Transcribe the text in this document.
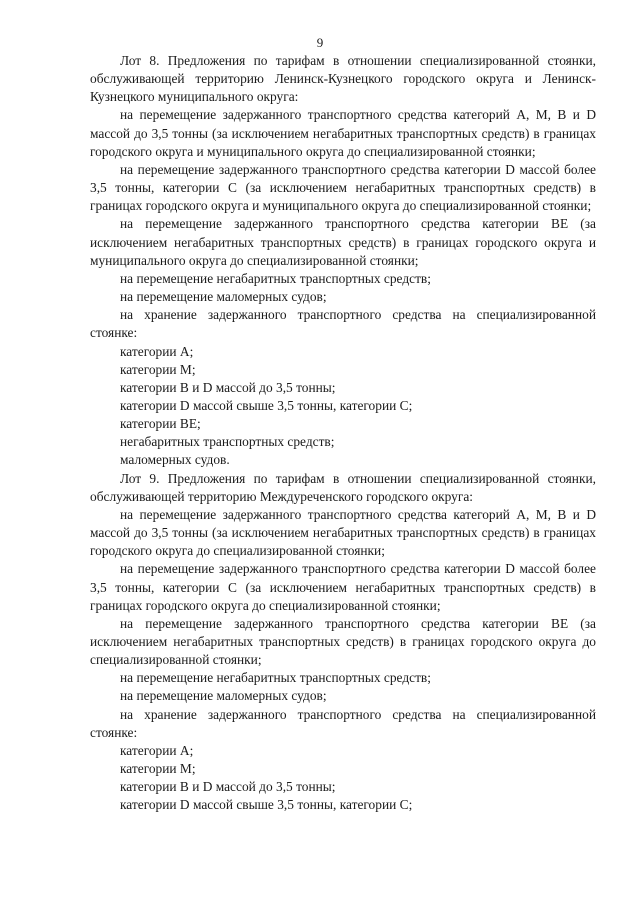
9

Лот 8. Предложения по тарифам в отношении специализированной стоянки, обслуживающей территорию Ленинск-Кузнецкого городского округа и Ленинск-Кузнецкого муниципального округа:

на перемещение задержанного транспортного средства категорий A, M, B и D массой до 3,5 тонны (за исключением негабаритных транспортных средств) в границах городского округа и муниципального округа до специализированной стоянки;

на перемещение задержанного транспортного средства категории D массой более 3,5 тонны, категории C (за исключением негабаритных транспортных средств) в границах городского округа и муниципального округа до специализированной стоянки;

на перемещение задержанного транспортного средства категории BE (за исключением негабаритных транспортных средств) в границах городского округа и муниципального округа до специализированной стоянки;

на перемещение негабаритных транспортных средств;

на перемещение маломерных судов;

на хранение задержанного транспортного средства на специализированной стоянке:

категории A;

категории M;

категории B и D массой до 3,5 тонны;

категории D массой свыше 3,5 тонны, категории C;

категории BE;

негабаритных транспортных средств;

маломерных судов.

Лот 9. Предложения по тарифам в отношении специализированной стоянки, обслуживающей территорию Междуреченского городского округа:

на перемещение задержанного транспортного средства категорий A, M, B и D массой до 3,5 тонны (за исключением негабаритных транспортных средств) в границах городского округа до специализированной стоянки;

на перемещение задержанного транспортного средства категории D массой более 3,5 тонны, категории C (за исключением негабаритных транспортных средств) в границах городского округа до специализированной стоянки;

на перемещение задержанного транспортного средства категории BE (за исключением негабаритных транспортных средств) в границах городского округа до специализированной стоянки;

на перемещение негабаритных транспортных средств;

на перемещение маломерных судов;

на хранение задержанного транспортного средства на специализированной стоянке:

категории A;

категории M;

категории B и D массой до 3,5 тонны;

категории D массой свыше 3,5 тонны, категории C;
